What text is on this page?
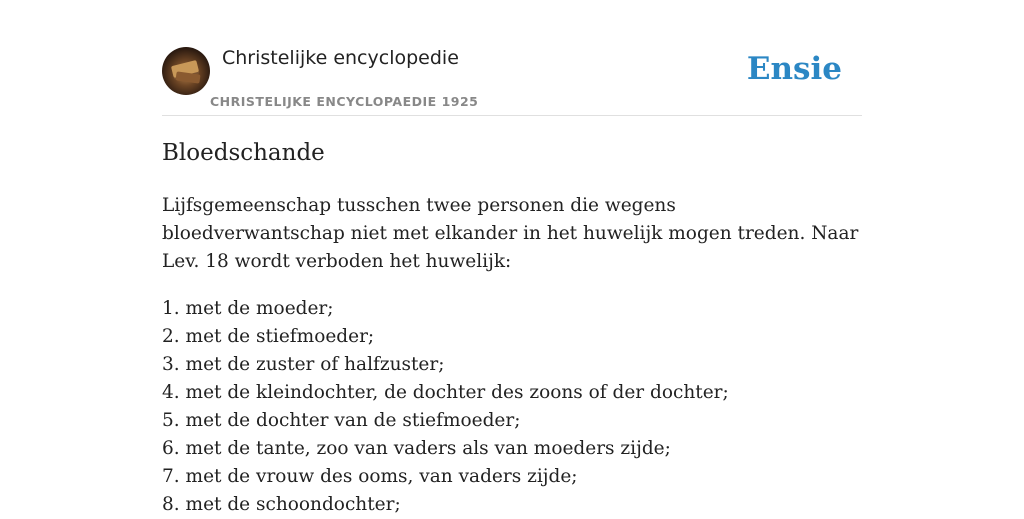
Christelijke encyclopedie
CHRISTELIJKE ENCYCLOPAEDIE 1925
Ensie
Bloedschande

Lijfsgemeenschap tusschen twee personen die wegens bloedverwantschap niet met elkander in het huwelijk mogen treden. Naar Lev. 18 wordt verboden het huwelijk:

1. met de moeder;
2. met de stiefmoeder;
3. met de zuster of halfzuster;
4. met de kleindochter, de dochter des zoons of der dochter;
5. met de dochter van de stiefmoeder;
6. met de tante, zoo van vaders als van moeders zijde;
7. met de vrouw des ooms, van vaders zijde;
8. met de schoondochter;
